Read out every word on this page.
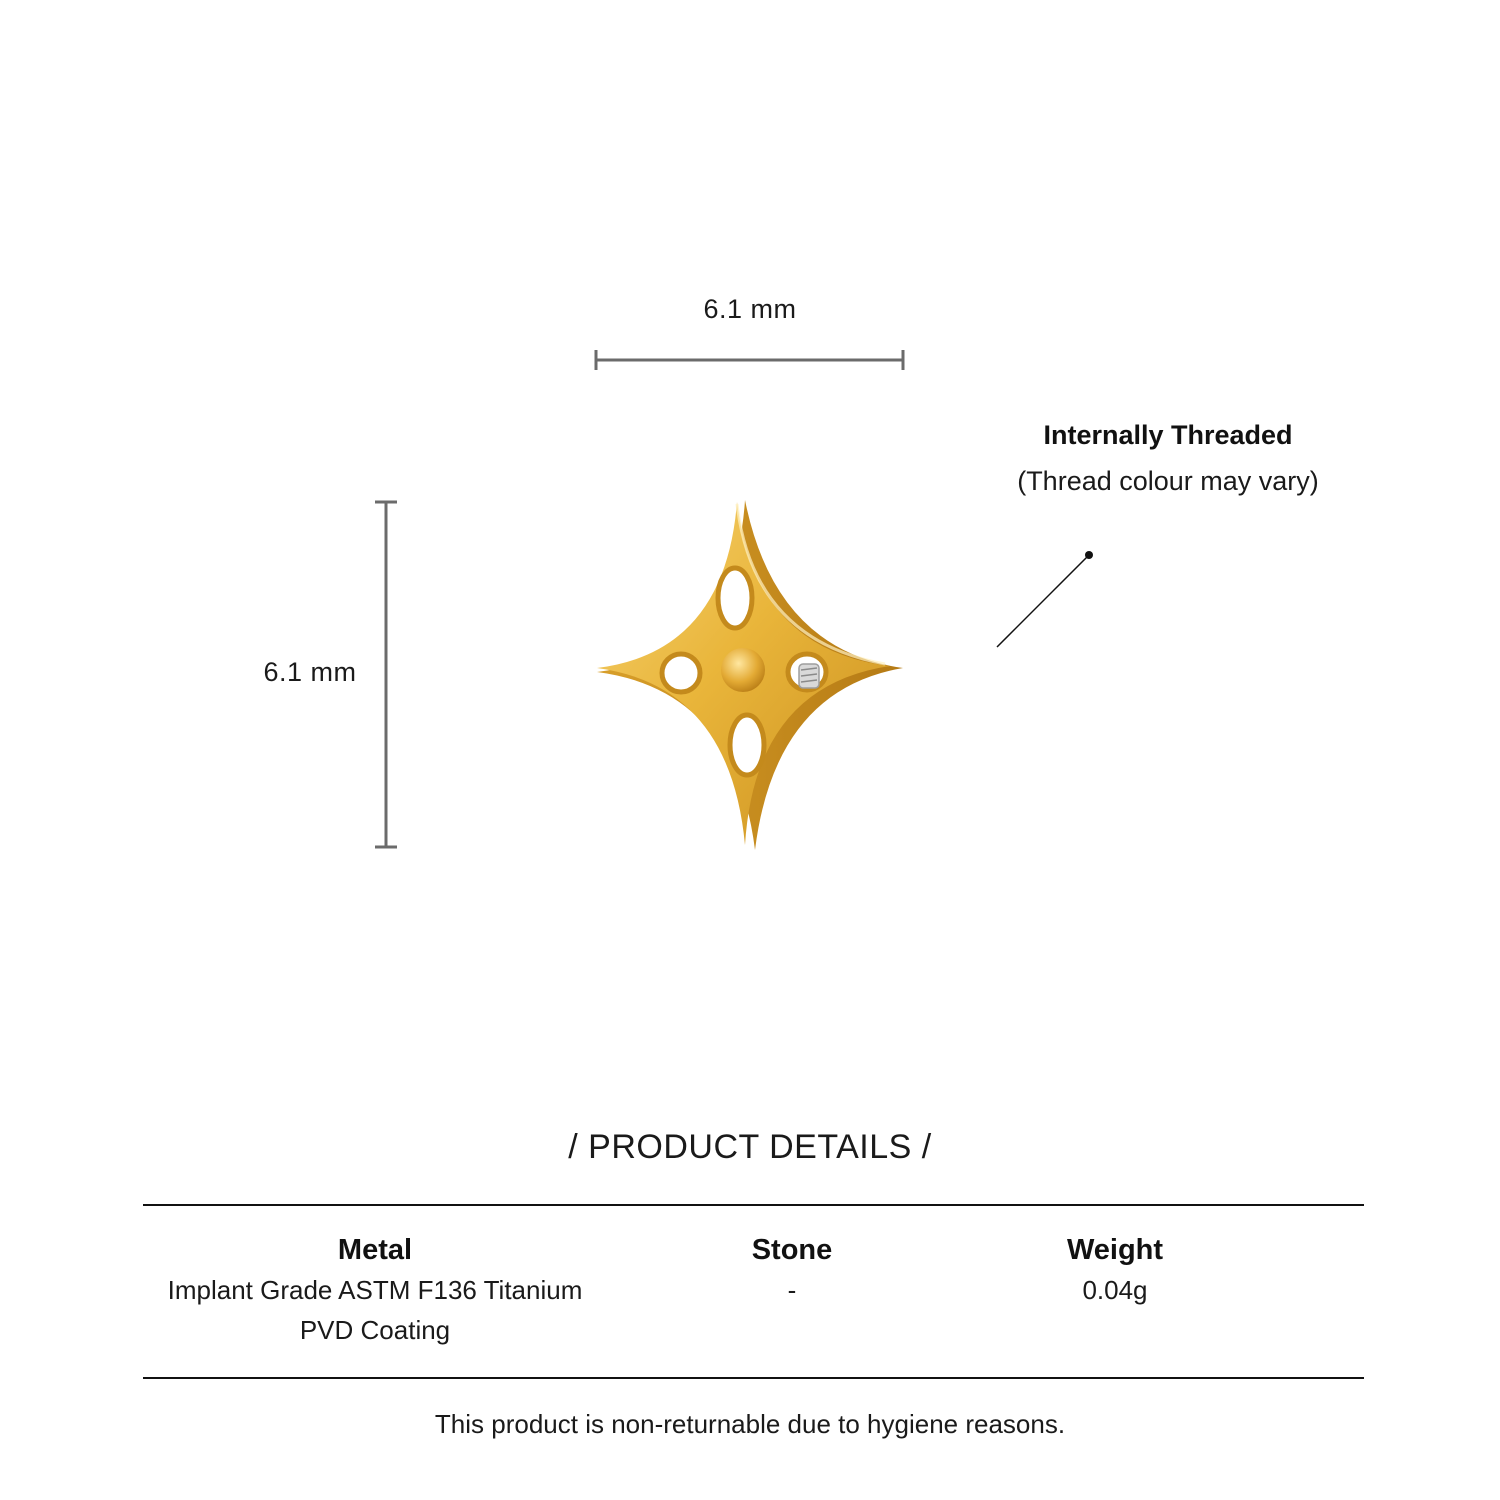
6.1 mm
6.1 mm
Internally Threaded
(Thread colour may vary)
/ PRODUCT DETAILS /
Metal
Implant Grade ASTM F136 Titanium
PVD Coating
Stone
-
Weight
0.04g
This product is non-returnable due to hygiene reasons.
